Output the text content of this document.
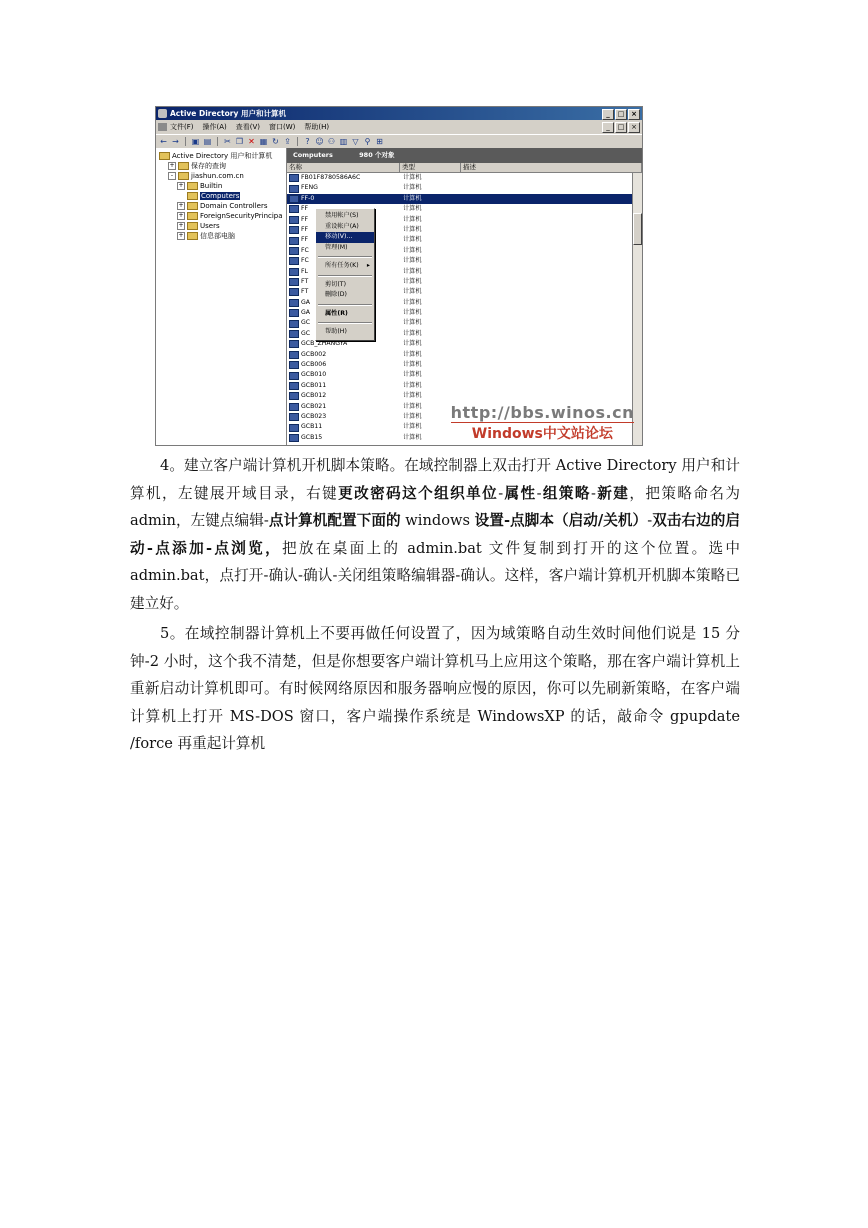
Active Directory 用户和计算机	_	□ ×
文件(F) 操作(A) 查看(V) 窗口(W) 帮助(H)	_	□ ×
← → ▣ ▤ ✂ ❐ ✕ ▦ ↻ ⇪ ? ☺ ⚇ ▥ ▽ ⚲ ⊞
Active Directory 用户和计算机
+ 保存的查询
-	jiashun.com.cn
+ Builtin
Computers
+ Domain Controllers
+ ForeignSecurityPrincipa
+ Users
+ 信息部电脑
Computers	980 个对象
名称	类型	描述
FB01F8780586A6C	计算机
FENG	计算机
FF-0	计算机
FF	计算机
FF	计算机
FF	计算机
FF	计算机
FC	计算机
FC	计算机
FL	计算机
FT	计算机
FT	计算机
GA	计算机
GA	计算机
GC	计算机
GC	计算机
GCB_ZHANGYA	计算机
GCB002	计算机
GCB006	计算机
GCB010	计算机
GCB011	计算机
GCB012	计算机
GCB021	计算机
GCB023	计算机
GCB11	计算机
GCB15	计算机
禁用帐户(S)
重设帐户(A)
移动(V)...
管理(M)
所有任务(K) ▸
剪切(T)
删除(D)
属性(R)
帮助(H)
http://bbs.winos.cn
Windows中文站论坛

4。建立客户端计算机开机脚本策略。在域控制器上双击打开 Active Directory 用户和计算机，左键展开域目录，右键更改密码这个组织单位-属性-组策略-新建，把策略命名为 admin，左键点编辑-点计算机配置下面的 windows 设置-点脚本（启动/关机）-双击右边的启动-点添加-点浏览，把放在桌面上的 admin.bat 文件复制到打开的这个位置。选中 admin.bat，点打开-确认-确认-关闭组策略编辑器-确认。这样，客户端计算机开机脚本策略已建立好。

5。在域控制器计算机上不要再做任何设置了，因为域策略自动生效时间他们说是 15 分钟-2 小时，这个我不清楚，但是你想要客户端计算机马上应用这个策略，那在客户端计算机上重新启动计算机即可。有时候网络原因和服务器响应慢的原因，你可以先刷新策略，在客户端计算机上打开 MS-DOS 窗口，客户端操作系统是 WindowsXP 的话，敲命令 gpupdate /force 再重起计算机
